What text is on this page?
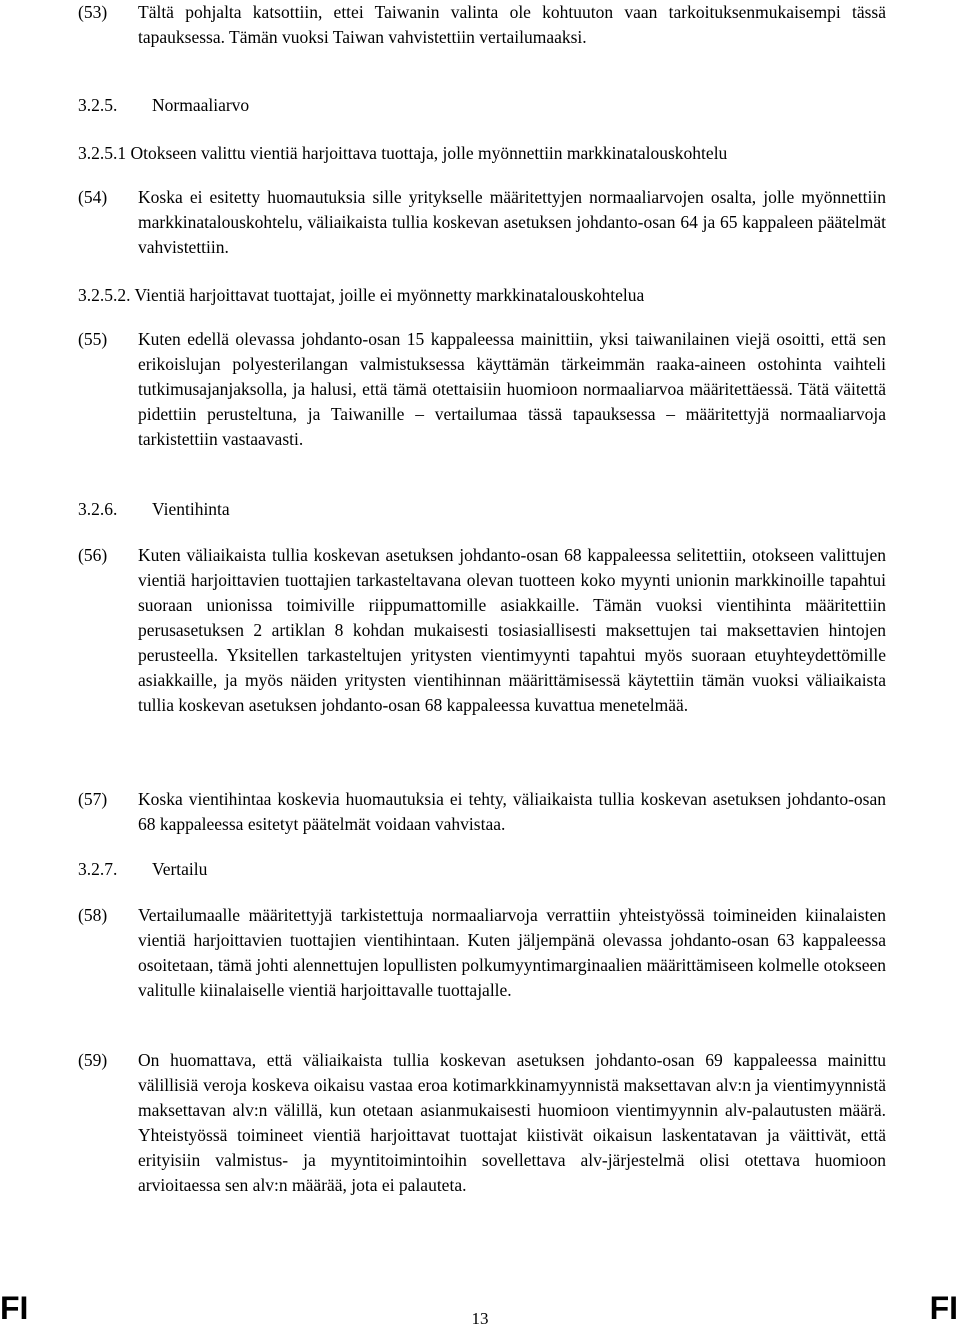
(53) Tältä pohjalta katsottiin, ettei Taiwanin valinta ole kohtuuton vaan tarkoituksenmukaisempi tässä tapauksessa. Tämän vuoksi Taiwan vahvistettiin vertailumaaksi.
3.2.5. Normaaliarvo
3.2.5.1 Otokseen valittu vientiä harjoittava tuottaja, jolle myönnettiin markkinatalouskohtelu
(54) Koska ei esitetty huomautuksia sille yritykselle määritettyjen normaaliarvojen osalta, jolle myönnettiin markkinatalouskohtelu, väliaikaista tullia koskevan asetuksen johdanto-osan 64 ja 65 kappaleen päätelmät vahvistettiin.
3.2.5.2. Vientiä harjoittavat tuottajat, joille ei myönnetty markkinatalouskohtelua
(55) Kuten edellä olevassa johdanto-osan 15 kappaleessa mainittiin, yksi taiwanilainen viejä osoitti, että sen erikoislujan polyesterilangan valmistuksessa käyttämän tärkeimmän raaka-aineen ostohinta vaihteli tutkimusajanjaksolla, ja halusi, että tämä otettaisiin huomioon normaaliarvoa määritettäessä. Tätä väitettä pidettiin perusteltuna, ja Taiwanille – vertailumaa tässä tapauksessa – määritettyjä normaaliarvoja tarkistettiin vastaavasti.
3.2.6. Vientihinta
(56) Kuten väliaikaista tullia koskevan asetuksen johdanto-osan 68 kappaleessa selitettiin, otokseen valittujen vientiä harjoittavien tuottajien tarkasteltavana olevan tuotteen koko myynti unionin markkinoille tapahtui suoraan unionissa toimiville riippumattomille asiakkaille. Tämän vuoksi vientihinta määritettiin perusasetuksen 2 artiklan 8 kohdan mukaisesti tosiasiallisesti maksettujen tai maksettavien hintojen perusteella. Yksitellen tarkasteltujen yritysten vientimyynti tapahtui myös suoraan etuyhteydettömille asiakkaille, ja myös näiden yritysten vientihinnan määrittämisessä käytettiin tämän vuoksi väliaikaista tullia koskevan asetuksen johdanto-osan 68 kappaleessa kuvattua menetelmää.
(57) Koska vientihintaa koskevia huomautuksia ei tehty, väliaikaista tullia koskevan asetuksen johdanto-osan 68 kappaleessa esitetyt päätelmät voidaan vahvistaa.
3.2.7. Vertailu
(58) Vertailumaalle määritettyjä tarkistettuja normaaliarvoja verrattiin yhteistyössä toimineiden kiinalaisten vientiä harjoittavien tuottajien vientihintaan. Kuten jäljempänä olevassa johdanto-osan 63 kappaleessa osoitetaan, tämä johti alennettujen lopullisten polkumyyntimarginaalien määrittämiseen kolmelle otokseen valitulle kiinalaiselle vientiä harjoittavalle tuottajalle.
(59) On huomattava, että väliaikaista tullia koskevan asetuksen johdanto-osan 69 kappaleessa mainittu välillisiä veroja koskeva oikaisu vastaa eroa kotimarkkinamyynnistä maksettavan alv:n ja vientimyynnistä maksettavan alv:n välillä, kun otetaan asianmukaisesti huomioon vientimyynnin alv-palautusten määrä. Yhteistyössä toimineet vientiä harjoittavat tuottajat kiistivät oikaisun laskentatavan ja väittivät, että erityisiin valmistus- ja myyntitoimintoihin sovellettava alv-järjestelmä olisi otettava huomioon arvioitaessa sen alv:n määrää, jota ei palauteta.
FI	13	FI
